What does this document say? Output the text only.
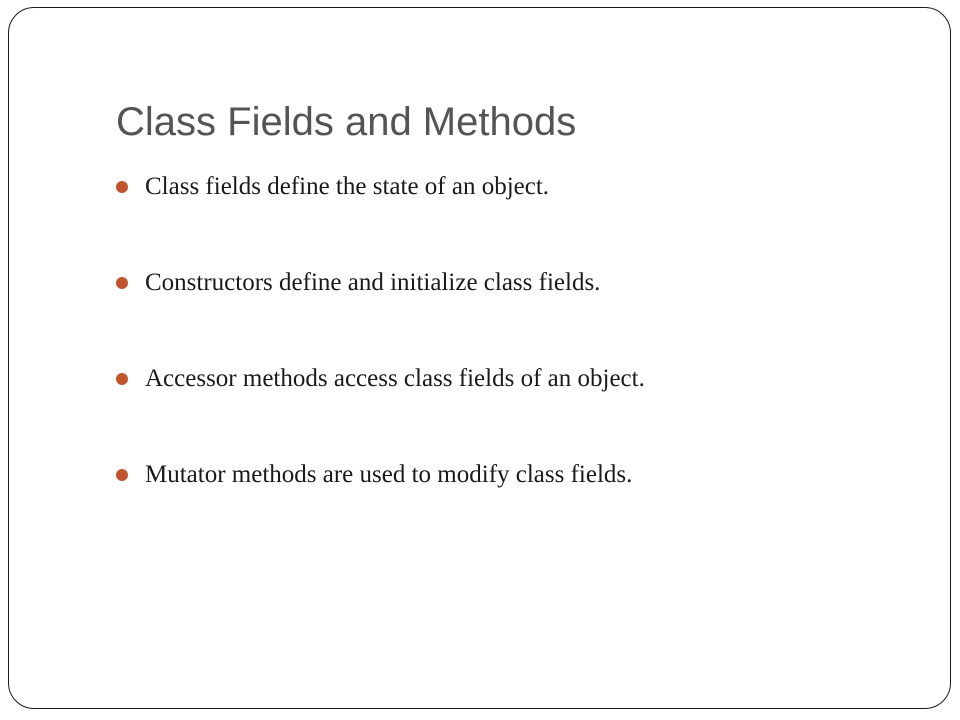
Class Fields and Methods
Class fields define the state of an object.
Constructors define and initialize class fields.
Accessor methods access class fields of an object.
Mutator methods are used to modify class fields.
